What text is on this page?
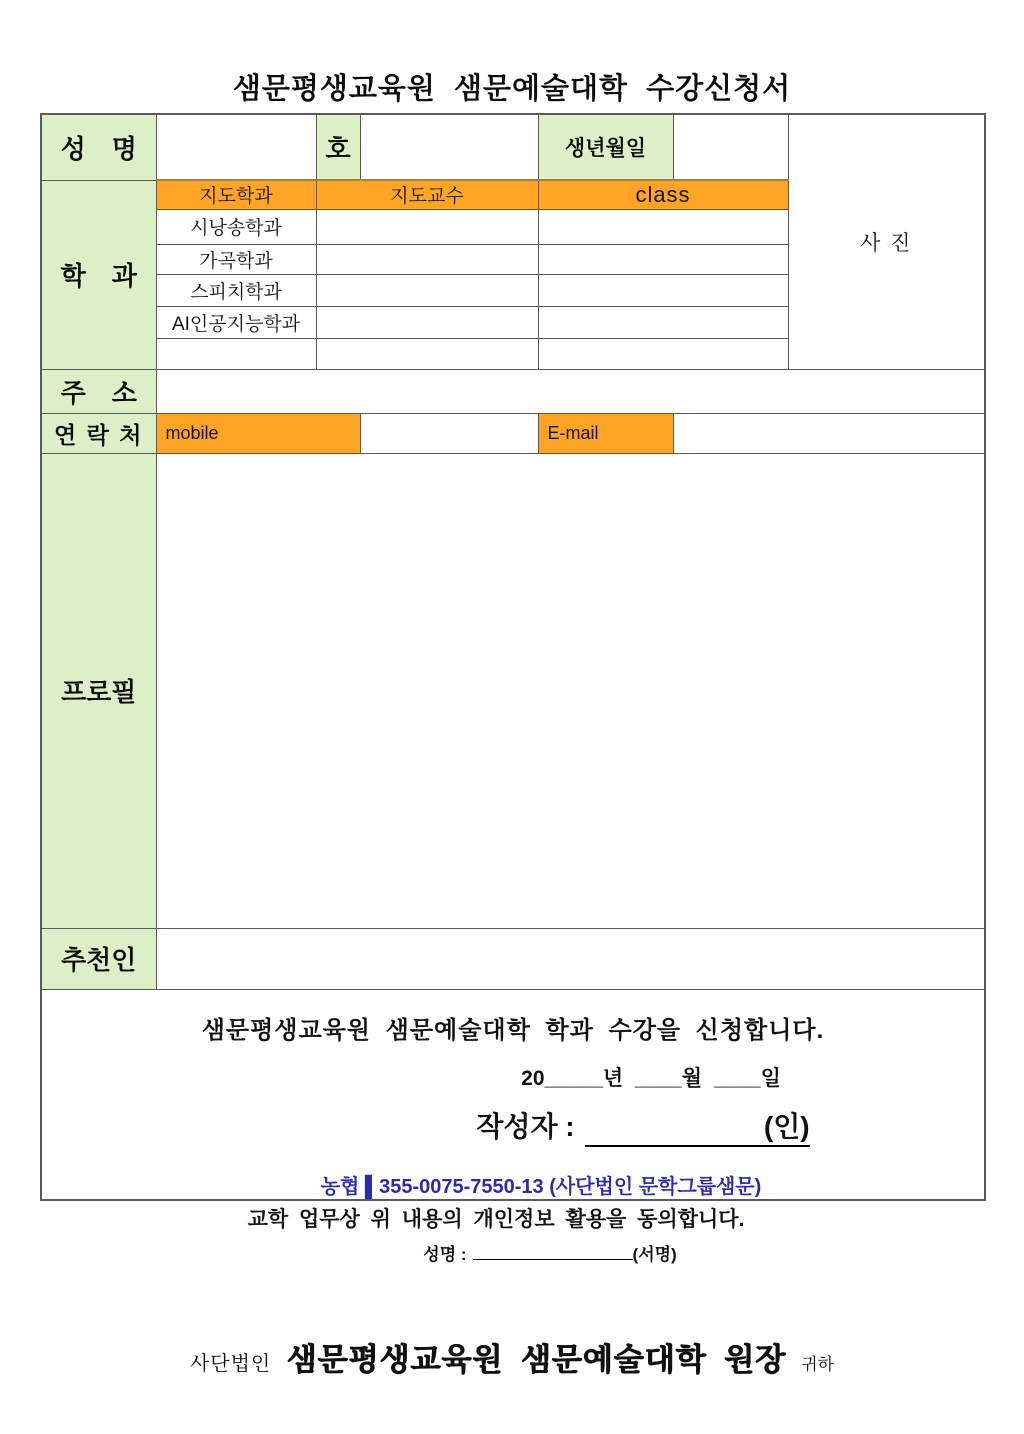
샘문평생교육원 샘문예술대학 수강신청서
성　명		호		생년월일		사 진
학　과	지도학과	지도교수		class		
	시낭송학과					
	가곡학과					
	스피치학과					
	AI인공지능학과					

주　소						
연 락 처	mobile			E-mail		
프로필						
추천인						

샘문평생교육원 샘문예술대학 학과 수강을 신청합니다.
20_____년 ____월 ____일
작성자 : (인)
농협 ▌355-0075-7550-13 (사단법인 문학그룹샘문)						
교학 업무상 위 내용의 개인정보 활용을 동의합니다.
성명 :	(서명)
사단법인 샘문평생교육원 샘문예술대학 원장 귀하
